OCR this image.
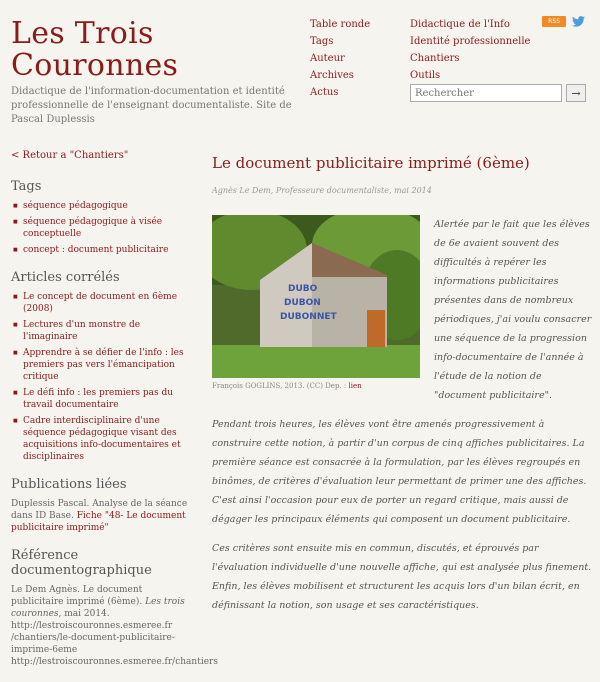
Les Trois Couronnes
Didactique de l'information-documentation et identité professionnelle de l'enseignant documentaliste. Site de Pascal Duplessis
Table ronde
Tags
Auteur
Archives
Actus
Didactique de l'Info
Identité professionnelle
Chantiers
Outils
RSS
Rechercher
→
< Retour a "Chantiers"
Tags
■ séquence pédagogique
■ séquence pédagogique à visée conceptuelle
■ concept : document publicitaire
Articles corrélés
■ Le concept de document en 6ème (2008)
■ Lectures d'un monstre de l'imaginaire
■ Apprendre à se défier de l'info : les premiers pas vers l'émancipation critique
■ Le défi info : les premiers pas du travail documentaire
■ Cadre interdisciplinaire d'une séquence pédagogique visant des acquisitions info-documentaires et disciplinaires
Publications liées
Duplessis Pascal. Analyse de la séance dans ID Base. Fiche "48- Le document publicitaire imprimé"
Référence documentographique
Le Dem Agnès. Le document publicitaire imprimé (6ème). Les trois couronnes, mai 2014. http://lestroiscouronnes.esmeree.fr /chantiers/le-document-publicitaire-imprime-6eme
http://lestroiscouronnes.esmeree.fr/chantiers
Le document publicitaire imprimé (6ème)
Agnès Le Dem, Professeure documentaliste, mai 2014
DUBO
DUBON
DUBONNET
François GOGLINS, 2013. (CC) Dep. : lien

Alertée par le fait que les élèves de 6e avaient souvent des difficultés à repérer les informations publicitaires présentes dans de nombreux périodiques, j'ai voulu consacrer une séquence de la progression info-documentaire de l'année à l'étude de la notion de "document publicitaire".

Pendant trois heures, les élèves vont être amenés progressivement à construire cette notion, à partir d'un corpus de cinq affiches publicitaires. La première séance est consacrée à la formulation, par les élèves regroupés en binômes, de critères d'évaluation leur permettant de primer une des affiches. C'est ainsi l'occasion pour eux de porter un regard critique, mais aussi de dégager les principaux éléments qui composent un document publicitaire.

Ces critères sont ensuite mis en commun, discutés, et éprouvés par l'évaluation individuelle d'une nouvelle affiche, qui est analysée plus finement. Enfin, les élèves mobilisent et structurent les acquis lors d'un bilan écrit, en définissant la notion, son usage et ses caractéristiques.
